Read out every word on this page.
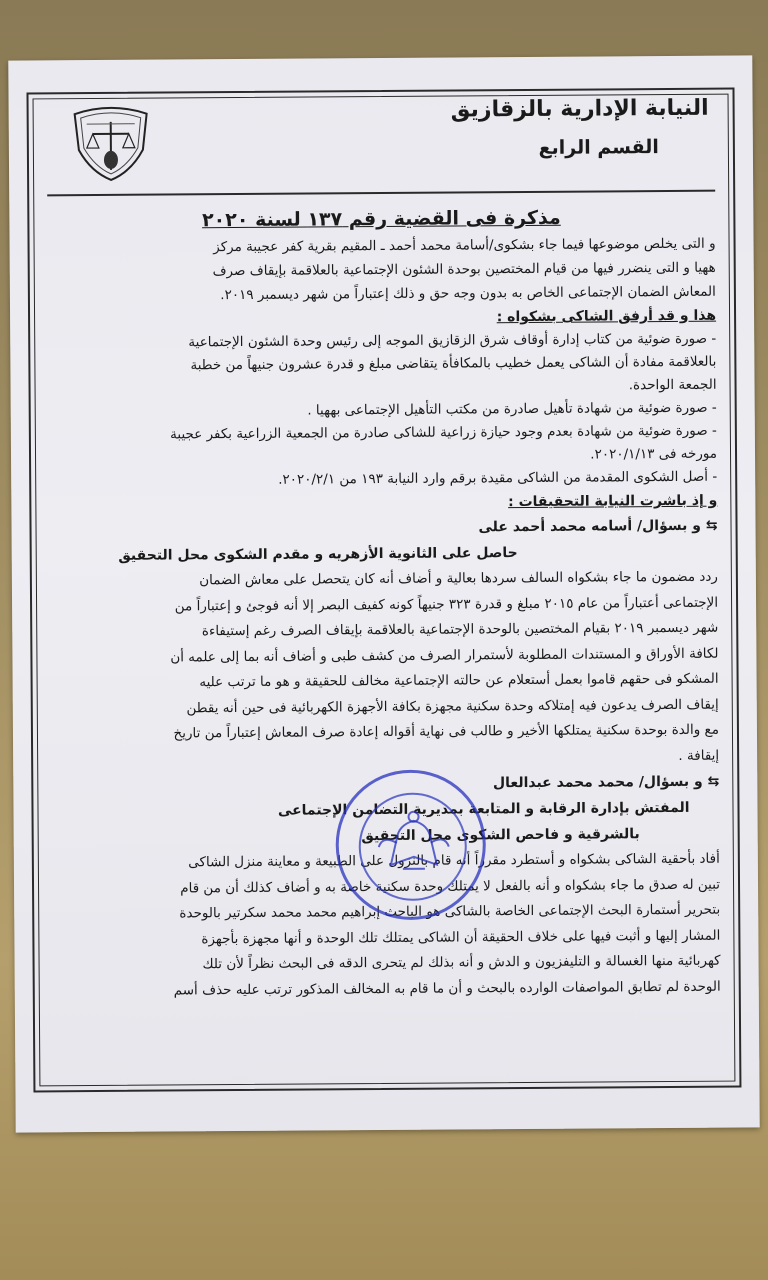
النيابة الإدارية بالزقازيق
القسم الرابع
مذكرة فى القضية رقم ١٣٧ لسنة ٢٠٢٠

و التى يخلص موضوعها فيما جاء بشكوى/أسامة محمد أحمد ـ المقيم بقرية كفر عجيبة مركز

ههيا و التى ينضرر فيها من قيام المختصين بوحدة الشئون الإجتماعية بالعلاقمة بإيقاف صرف

المعاش الضمان الإجتماعى الخاص به بدون وجه حق و ذلك إعتباراً من شهر ديسمبر ٢٠١٩.

هذا و قد أرفق الشاكى بشكواه :

- صورة ضوئية من كتاب إدارة أوقاف شرق الزقازيق الموجه إلى رئيس وحدة الشئون الإجتماعية

بالعلاقمة مفادة أن الشاكى يعمل خطيب بالمكافأة يتقاضى مبلغ و قدرة عشرون جنيهاً من خطبة

الجمعة الواحدة.

- صورة ضوئية من شهادة تأهيل صادرة من مكتب التأهيل الإجتماعى بههيا .

- صورة ضوئية من شهادة بعدم وجود حيازة زراعية للشاكى صادرة من الجمعية الزراعية بكفر عجيبة

مورخه فى ٢٠٢٠/١/١٣.

- أصل الشكوى المقدمة من الشاكى مقيدة برقم وارد النيابة ١٩٣ من ٢٠٢٠/٢/١.

و إذ باشرت النيابة التحقيقات :

⇆ و بسؤال/ أسامه محمد أحمد على

حاصل على الثانوية الأزهريه و مقدم الشكوى محل التحقيق

ردد مضمون ما جاء بشكواه السالف سردها بعالية و أضاف أنه كان يتحصل على معاش الضمان

الإجتماعى أعتباراً من عام ٢٠١٥ مبلغ و قدرة ٣٢٣ جنيهاً كونه كفيف البصر إلا أنه فوجئ و إعتباراً من

شهر ديسمبر ٢٠١٩ بقيام المختصين بالوحدة الإجتماعية بالعلاقمة بإيقاف الصرف رغم إستيفاءة

لكافة الأوراق و المستندات المطلوبة لأستمرار الصرف من كشف طبى و أضاف أنه بما إلى علمه أن

المشكو فى حقهم قاموا بعمل أستعلام عن حالته الإجتماعية مخالف للحقيقة و هو ما ترتب عليه

إيقاف الصرف يدعون فيه إمتلاكه وحدة سكنية مجهزة بكافة الأجهزة الكهربائية فى حين أنه يقطن

مع والدة بوحدة سكنية يمتلكها الأخير و طالب فى نهاية أقواله إعادة صرف المعاش إعتباراً من تاريخ

إيقافة .

⇆ و بسؤال/ محمد محمد عبدالعال

المفتش بإدارة الرقابة و المتابعة بمديرية التضامن الإجتماعى

بالشرقية و فاحص الشكوى محل التحقيق

أفاد بأحقية الشاكى بشكواه و أستطرد مقرراً أنه قام بالنزول على الطبيعة و معاينة منزل الشاكى

تبين له صدق ما جاء بشكواه و أنه بالفعل لا يمتلك وحدة سكنية خاصة به و أضاف كذلك أن من قام

بتحرير أستمارة البحث الإجتماعى الخاصة بالشاكى هو الباحث إبراهيم محمد محمد سكرتير بالوحدة

المشار إليها و أثبت فيها على خلاف الحقيقة أن الشاكى يمتلك تلك الوحدة و أنها مجهزة بأجهزة

كهربائية منها الغسالة و التليفزيون و الدش و أنه بذلك لم يتحرى الدقه فى البحث نظراً لأن تلك

الوحدة لم تطابق المواصفات الوارده بالبحث و أن ما قام به المخالف المذكور ترتب عليه حذف أسم
